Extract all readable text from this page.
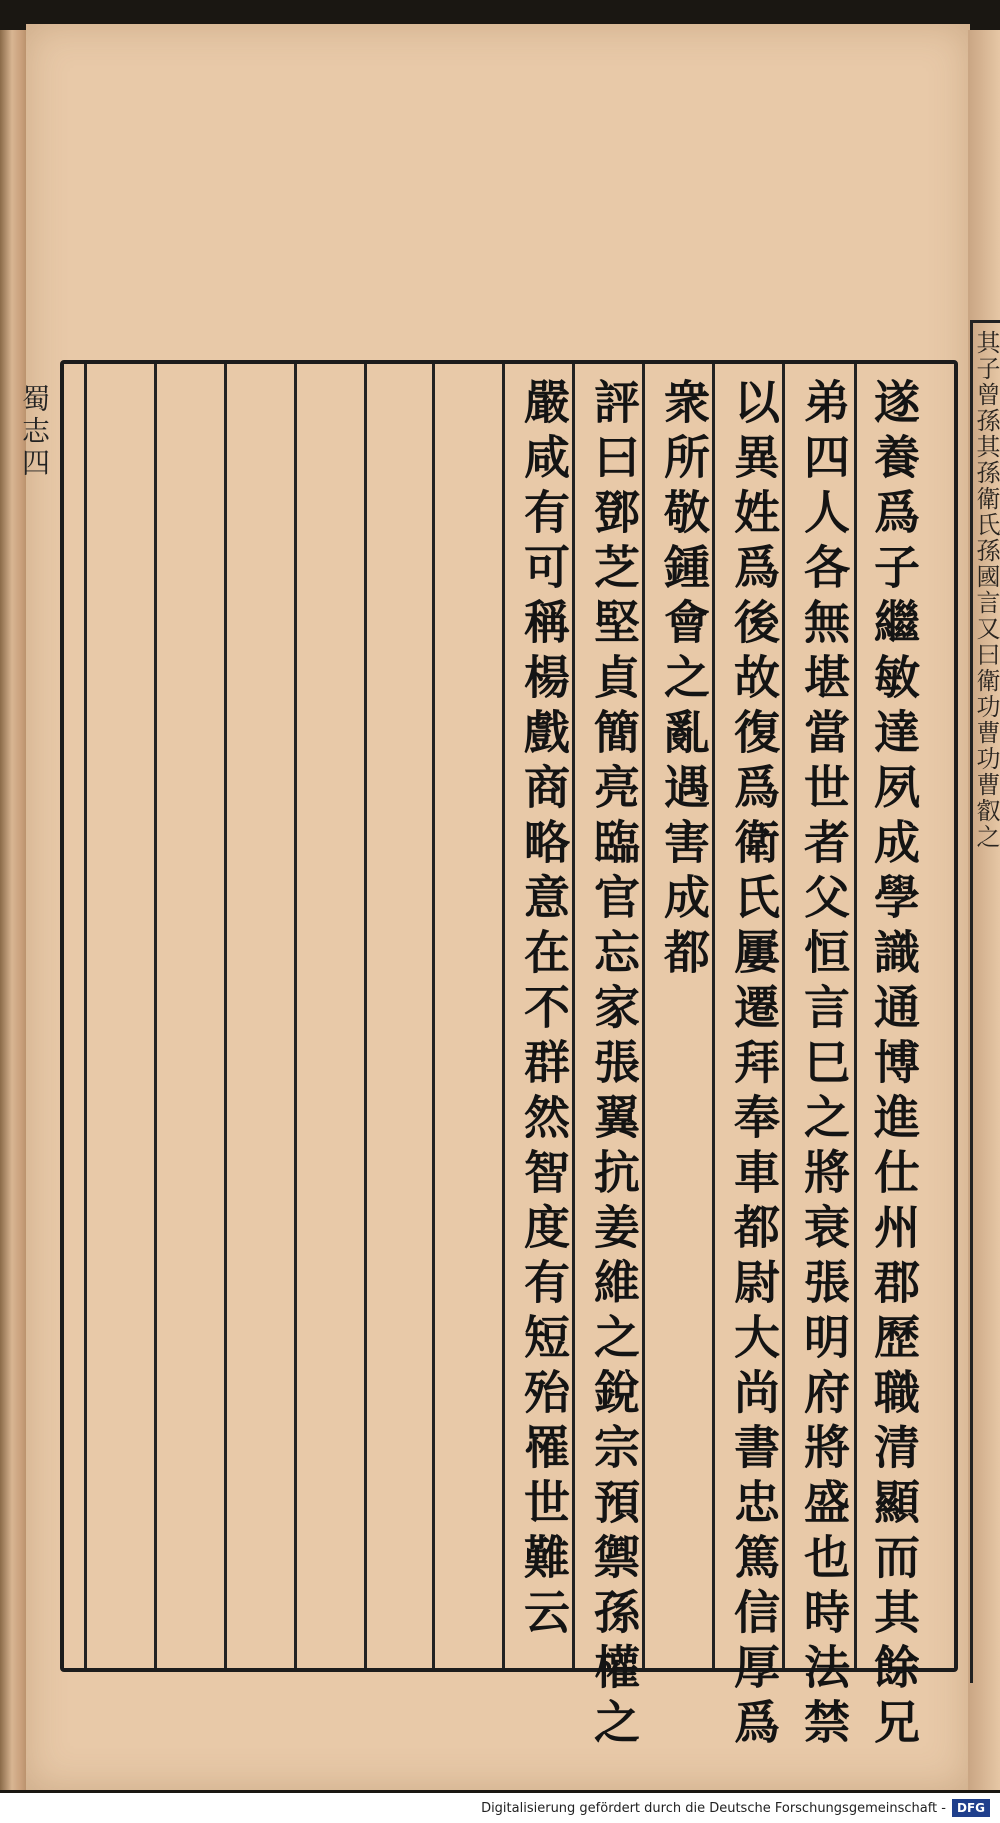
蜀志四	遂養爲子繼敏達夙成學識通博進仕州郡歷職清顯而其餘兄
弟四人各無堪當世者父恒言巳之將衰張明府將盛也時法禁
以異姓爲後故復爲衛氏屢遷拜奉車都尉大尚書忠篤信厚爲
衆所敬鍾會之亂遇害成都
評曰鄧芝堅貞簡亮臨官忘家張翼抗姜維之銳宗預禦孫權之
嚴咸有可稱楊戲商略意在不群然智度有短殆罹世難云	其子曾孫其孫衛氏孫國言又曰衛功曹功曹叡之
Digitalisierung gefördert durch die Deutsche Forschungsgemeinschaft - DFG
